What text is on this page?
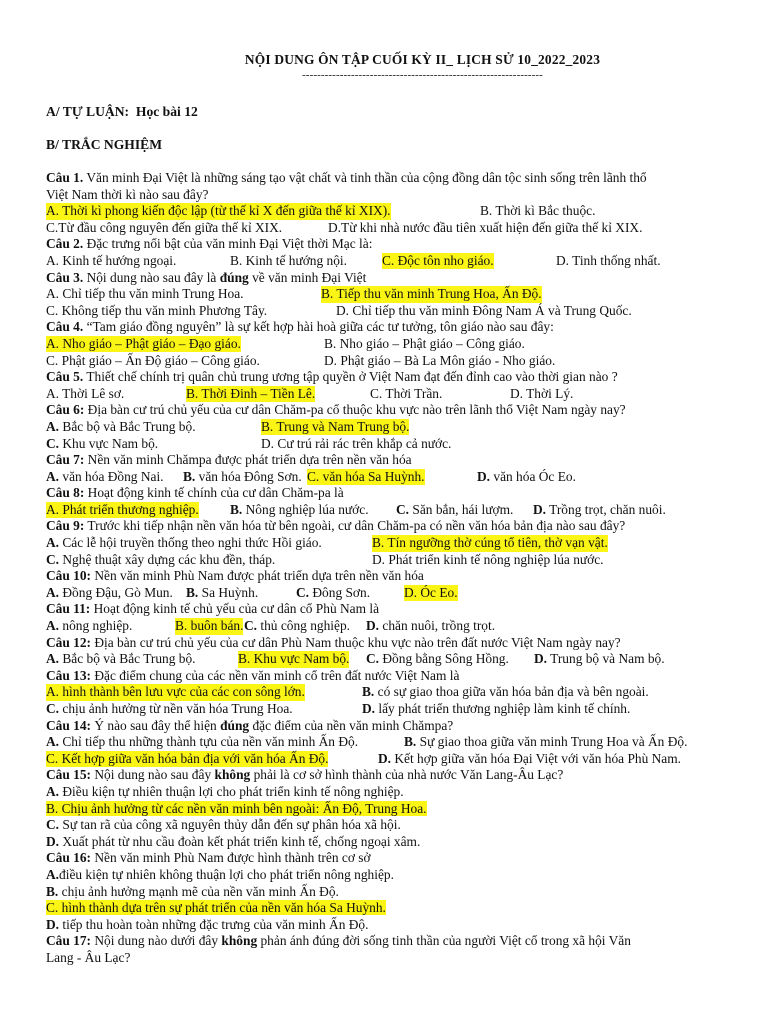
NỘI DUNG ÔN TẬP CUỐI KỲ II_ LỊCH SỬ 10_2022_2023
----------------------------------------------------------------
A/ TỰ LUẬN: Học bài 12
B/ TRẮC NGHIỆM
Câu 1. Văn minh Đại Việt là những sáng tạo vật chất và tinh thần của cộng đồng dân tộc sinh sống trên lãnh thổ
Việt Nam thời kì nào sau đây?
A. Thời kì phong kiến độc lập (từ thế kỉ X đến giữa thế kỉ XIX).	B. Thời kì Bắc thuộc.
C.Từ đầu công nguyên đến giữa thế kỉ XIX.	D.Từ khi nhà nước đầu tiên xuất hiện đến giữa thế kỉ XIX.
Câu 2. Đặc trưng nổi bật của văn minh Đại Việt thời Mạc là:
A. Kinh tế hướng ngoại.	B. Kinh tế hướng nội.	C. Độc tôn nho giáo.	D. Tinh thống nhất.
Câu 3. Nội dung nào sau đây là đúng về văn minh Đại Việt
A. Chỉ tiếp thu văn minh Trung Hoa.	B. Tiếp thu văn minh Trung Hoa, Ấn Độ.
C. Không tiếp thu văn minh Phương Tây.	D. Chỉ tiếp thu văn minh Đông Nam Á và Trung Quốc.
Câu 4. “Tam giáo đồng nguyên” là sự kết hợp hài hoà giữa các tư tưởng, tôn giáo nào sau đây:
A. Nho giáo – Phật giáo – Đạo giáo.	B. Nho giáo – Phật giáo – Công giáo.
C. Phật giáo – Ấn Độ giáo – Công giáo.	D. Phật giáo – Bà La Môn giáo - Nho giáo.
Câu 5. Thiết chế chính trị quân chủ trung ương tập quyền ở Việt Nam đạt đến đỉnh cao vào thời gian nào ?
A. Thời Lê sơ.	B. Thời Đinh – Tiền Lê.	C. Thời Trần.	D. Thời Lý.
Câu 6: Địa bàn cư trú chủ yếu của cư dân Chăm-pa cổ thuộc khu vực nào trên lãnh thổ Việt Nam ngày nay?
A. Bắc bộ và Bắc Trung bộ.	B. Trung và Nam Trung bộ.
C. Khu vực Nam bộ.	D. Cư trú rải rác trên khắp cả nước.
Câu 7: Nền văn minh Chămpa được phát triển dựa trên nền văn hóa
A. văn hóa Đồng Nai. B. văn hóa Đông Sơn. C. văn hóa Sa Huỳnh.	D. văn hóa Óc Eo.
Câu 8: Hoạt động kinh tế chính của cư dân Chăm-pa là
A. Phát triển thương nghiệp. B. Nông nghiệp lúa nước. C. Săn bắn, hái lượm. D. Trồng trọt, chăn nuôi.
Câu 9: Trước khi tiếp nhận nền văn hóa từ bên ngoài, cư dân Chăm-pa có nền văn hóa bản địa nào sau đây?
A. Các lễ hội truyền thống theo nghi thức Hồi giáo.	B. Tín ngưỡng thờ cúng tổ tiên, thờ vạn vật.
C. Nghệ thuật xây dựng các khu đền, tháp.	D. Phát triển kinh tế nông nghiệp lúa nước.
Câu 10: Nền văn minh Phù Nam được phát triển dựa trên nền văn hóa
A. Đồng Đậu, Gò Mun. B. Sa Huỳnh.	C. Đông Sơn.	D. Óc Eo.
Câu 11: Hoạt động kinh tế chủ yếu của cư dân cổ Phù Nam là
A. nông nghiệp.	B. buôn bán. C. thủ công nghiệp. D. chăn nuôi, trồng trọt.
Câu 12: Địa bàn cư trú chủ yếu của cư dân Phù Nam thuộc khu vực nào trên đất nước Việt Nam ngày nay?
A. Bắc bộ và Bắc Trung bộ.	B. Khu vực Nam bộ. C. Đồng bằng Sông Hồng. D. Trung bộ và Nam bộ.
Câu 13: Đặc điểm chung của các nền văn minh cổ trên đất nước Việt Nam là
A. hình thành bên lưu vực của các con sông lớn.	B. có sự giao thoa giữa văn hóa bản địa và bên ngoài.
C. chịu ảnh hưởng từ nền văn hóa Trung Hoa.	D. lấy phát triển thương nghiệp làm kinh tế chính.
Câu 14: Ý nào sau đây thể hiện đúng đặc điểm của nền văn minh Chămpa?
A. Chỉ tiếp thu những thành tựu của nền văn minh Ấn Độ.	B. Sự giao thoa giữa văn minh Trung Hoa và Ấn Độ.
C. Kết hợp giữa văn hóa bản địa với văn hóa Ấn Độ.	D. Kết hợp giữa văn hóa Đại Việt với văn hóa Phù Nam.
Câu 15: Nội dung nào sau đây không phải là cơ sở hình thành của nhà nước Văn Lang-Âu Lạc?
A. Điều kiện tự nhiên thuận lợi cho phát triển kinh tế nông nghiệp.
B. Chịu ảnh hưởng từ các nền văn minh bên ngoài: Ấn Độ, Trung Hoa.
C. Sự tan rã của công xã nguyên thủy dẫn đến sự phân hóa xã hội.
D. Xuất phát từ nhu cầu đoàn kết phát triển kinh tế, chống ngoại xâm.
Câu 16: Nền văn minh Phù Nam được hình thành trên cơ sở
A.điều kiện tự nhiên không thuận lợi cho phát triển nông nghiệp.
B. chịu ảnh hưởng mạnh mẽ của nền văn minh Ấn Độ.
C. hình thành dựa trên sự phát triển của nền văn hóa Sa Huỳnh.
D. tiếp thu hoàn toàn những đặc trưng của văn minh Ấn Độ.
Câu 17: Nội dung nào dưới đây không phản ánh đúng đời sống tinh thần của người Việt cổ trong xã hội Văn
Lang - Âu Lạc?
